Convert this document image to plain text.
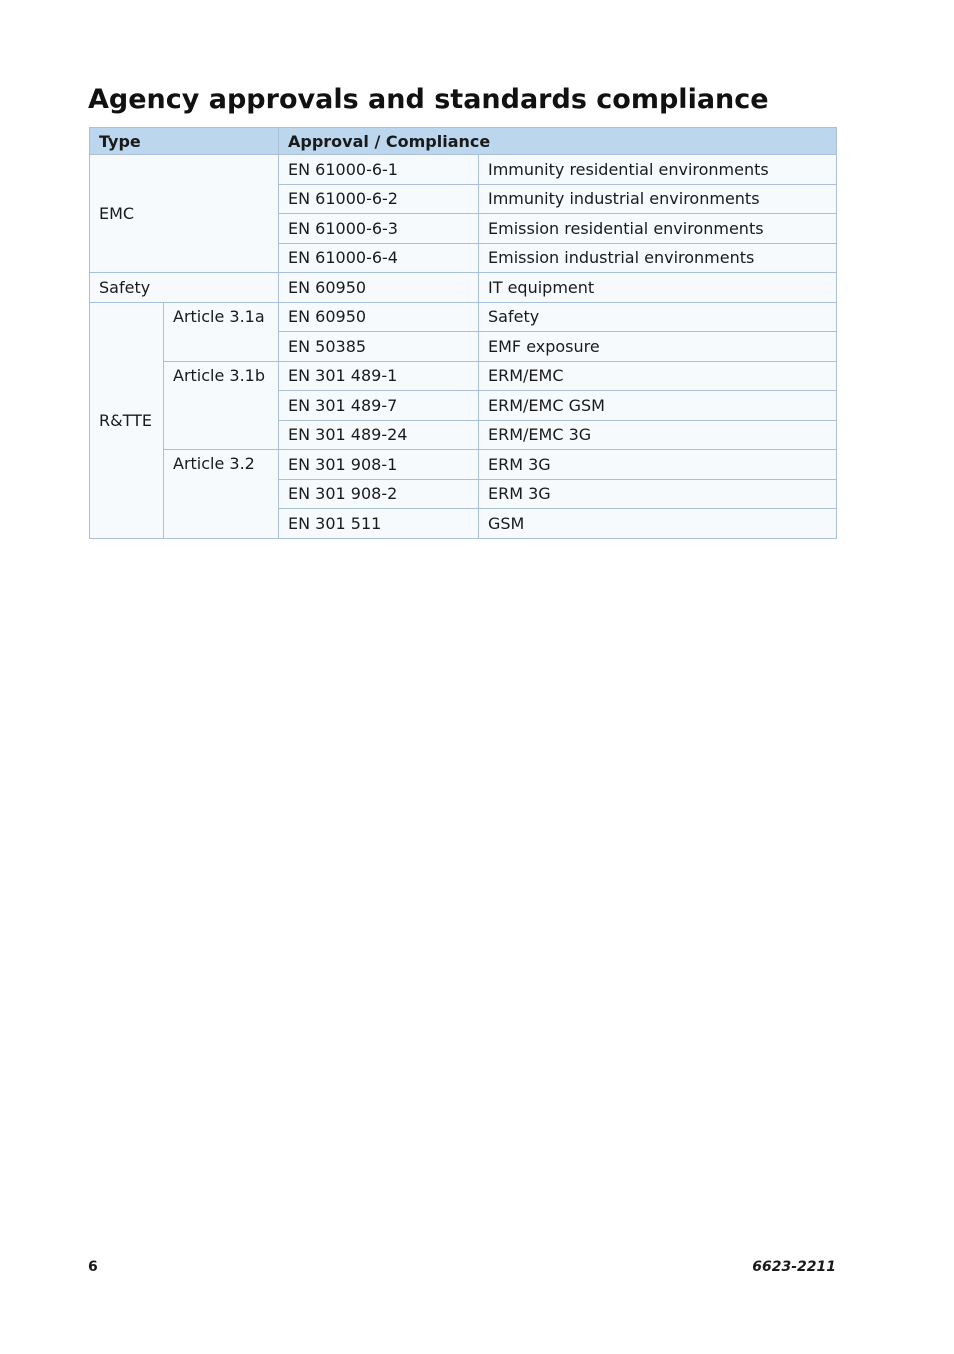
Agency approvals and standards compliance
Type		Approval / Compliance	
EMC		EN 61000-6-1	Immunity residential environments
		EN 61000-6-2	Immunity industrial environments
		EN 61000-6-3	Emission residential environments
		EN 61000-6-4	Emission industrial environments
Safety		EN 60950	IT equipment
R&TTE	Article 3.1a	EN 60950	Safety
		EN 50385	EMF exposure
	Article 3.1b	EN 301 489-1	ERM/EMC
		EN 301 489-7	ERM/EMC GSM
		EN 301 489-24	ERM/EMC 3G
	Article 3.2	EN 301 908-1	ERM 3G
		EN 301 908-2	ERM 3G
		EN 301 511	GSM
6	6623-2211
